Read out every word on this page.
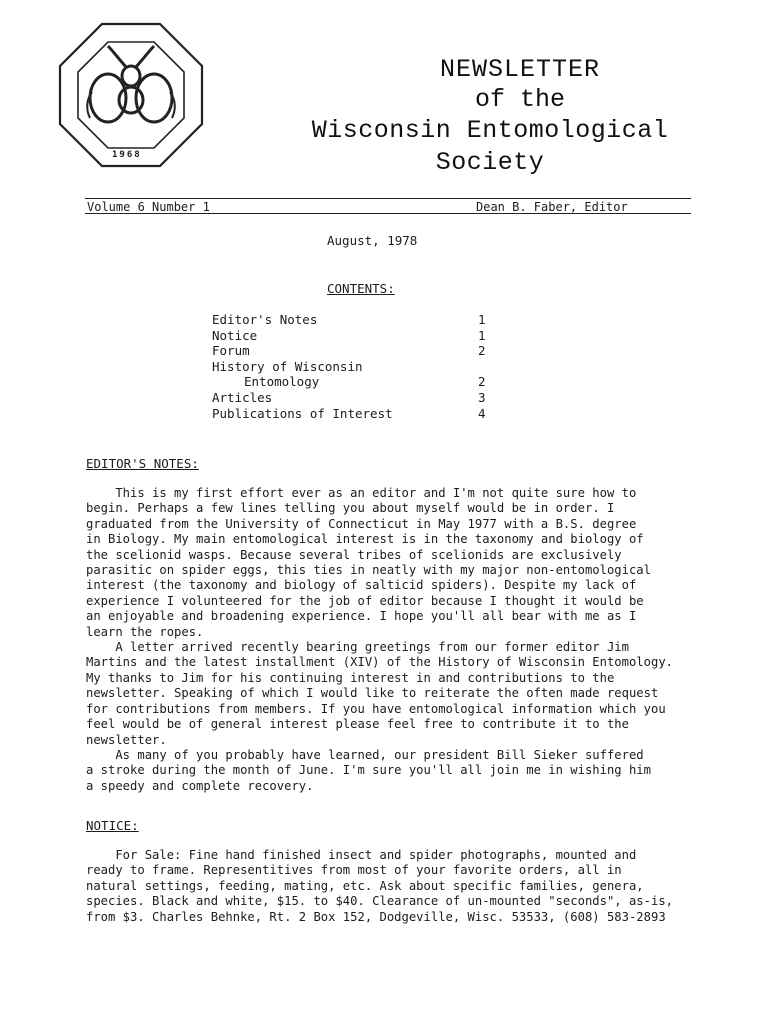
1968
NEWSLETTER
of the
Wisconsin Entomological Society
Volume 6 Number 1	Dean B. Faber, Editor
August, 1978
CONTENTS:
Editor's Notes	1
Notice	1
Forum	2
History of Wisconsin
Entomology	2
Articles	3
Publications of Interest	4
EDITOR'S NOTES:
This is my first effort ever as an editor and I'm not quite sure how to
begin. Perhaps a few lines telling you about myself would be in order. I
graduated from the University of Connecticut in May 1977 with a B.S. degree
in Biology. My main entomological interest is in the taxonomy and biology of
the scelionid wasps. Because several tribes of scelionids are exclusively
parasitic on spider eggs, this ties in neatly with my major non-entomological
interest (the taxonomy and biology of salticid spiders). Despite my lack of
experience I volunteered for the job of editor because I thought it would be
an enjoyable and broadening experience. I hope you'll all bear with me as I
learn the ropes.
A letter arrived recently bearing greetings from our former editor Jim
Martins and the latest installment (XIV) of the History of Wisconsin Entomology.
My thanks to Jim for his continuing interest in and contributions to the
newsletter. Speaking of which I would like to reiterate the often made request
for contributions from members. If you have entomological information which you
feel would be of general interest please feel free to contribute it to the
newsletter.
As many of you probably have learned, our president Bill Sieker suffered
a stroke during the month of June. I'm sure you'll all join me in wishing him
a speedy and complete recovery.
NOTICE:
For Sale: Fine hand finished insect and spider photographs, mounted and
ready to frame. Representitives from most of your favorite orders, all in
natural settings, feeding, mating, etc. Ask about specific families, genera,
species. Black and white, $15. to $40. Clearance of un-mounted "seconds", as-is,
from $3. Charles Behnke, Rt. 2 Box 152, Dodgeville, Wisc. 53533, (608) 583-2893
